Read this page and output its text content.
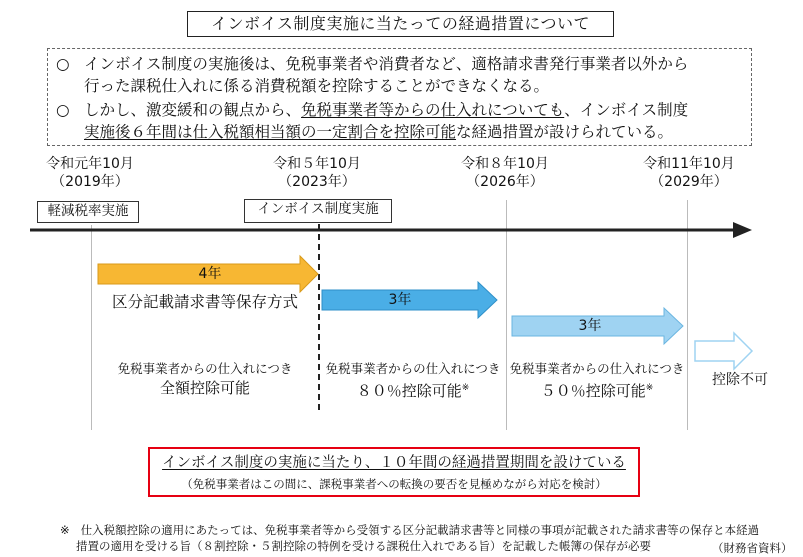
インボイス制度実施に当たっての経過措置について
○ インボイス制度の実施後は、免税事業者や消費者など、適格請求書発行事業者以外から
行った課税仕入れに係る消費税額を控除することができなくなる。
○ しかし、激変緩和の観点から、免税事業者等からの仕入れについても、インボイス制度
実施後６年間は仕入税額相当額の一定割合を控除可能な経過措置が設けられている。
令和元年10月
（2019年）
令和５年10月
（2023年）
令和８年10月
（2026年）
令和11年10月
（2029年）
軽減税率実施	インボイス制度実施
4年
3年
3年
区分記載請求書等保存方式
免税事業者からの仕入れにつき
全額控除可能
免税事業者からの仕入れにつき
８０％控除可能※
免税事業者からの仕入れにつき
５０％控除可能※	控除不可
インボイス制度の実施に当たり、１０年間の経過措置期間を設けている
（免税事業者はこの間に、課税事業者への転換の要否を見極めながら対応を検討）
※ 仕入税額控除の適用にあたっては、免税事業者等から受領する区分記載請求書等と同様の事項が記載された請求書等の保存と本経過
措置の適用を受ける旨（８割控除・５割控除の特例を受ける課税仕入れである旨）を記載した帳簿の保存が必要	（財務省資料）
